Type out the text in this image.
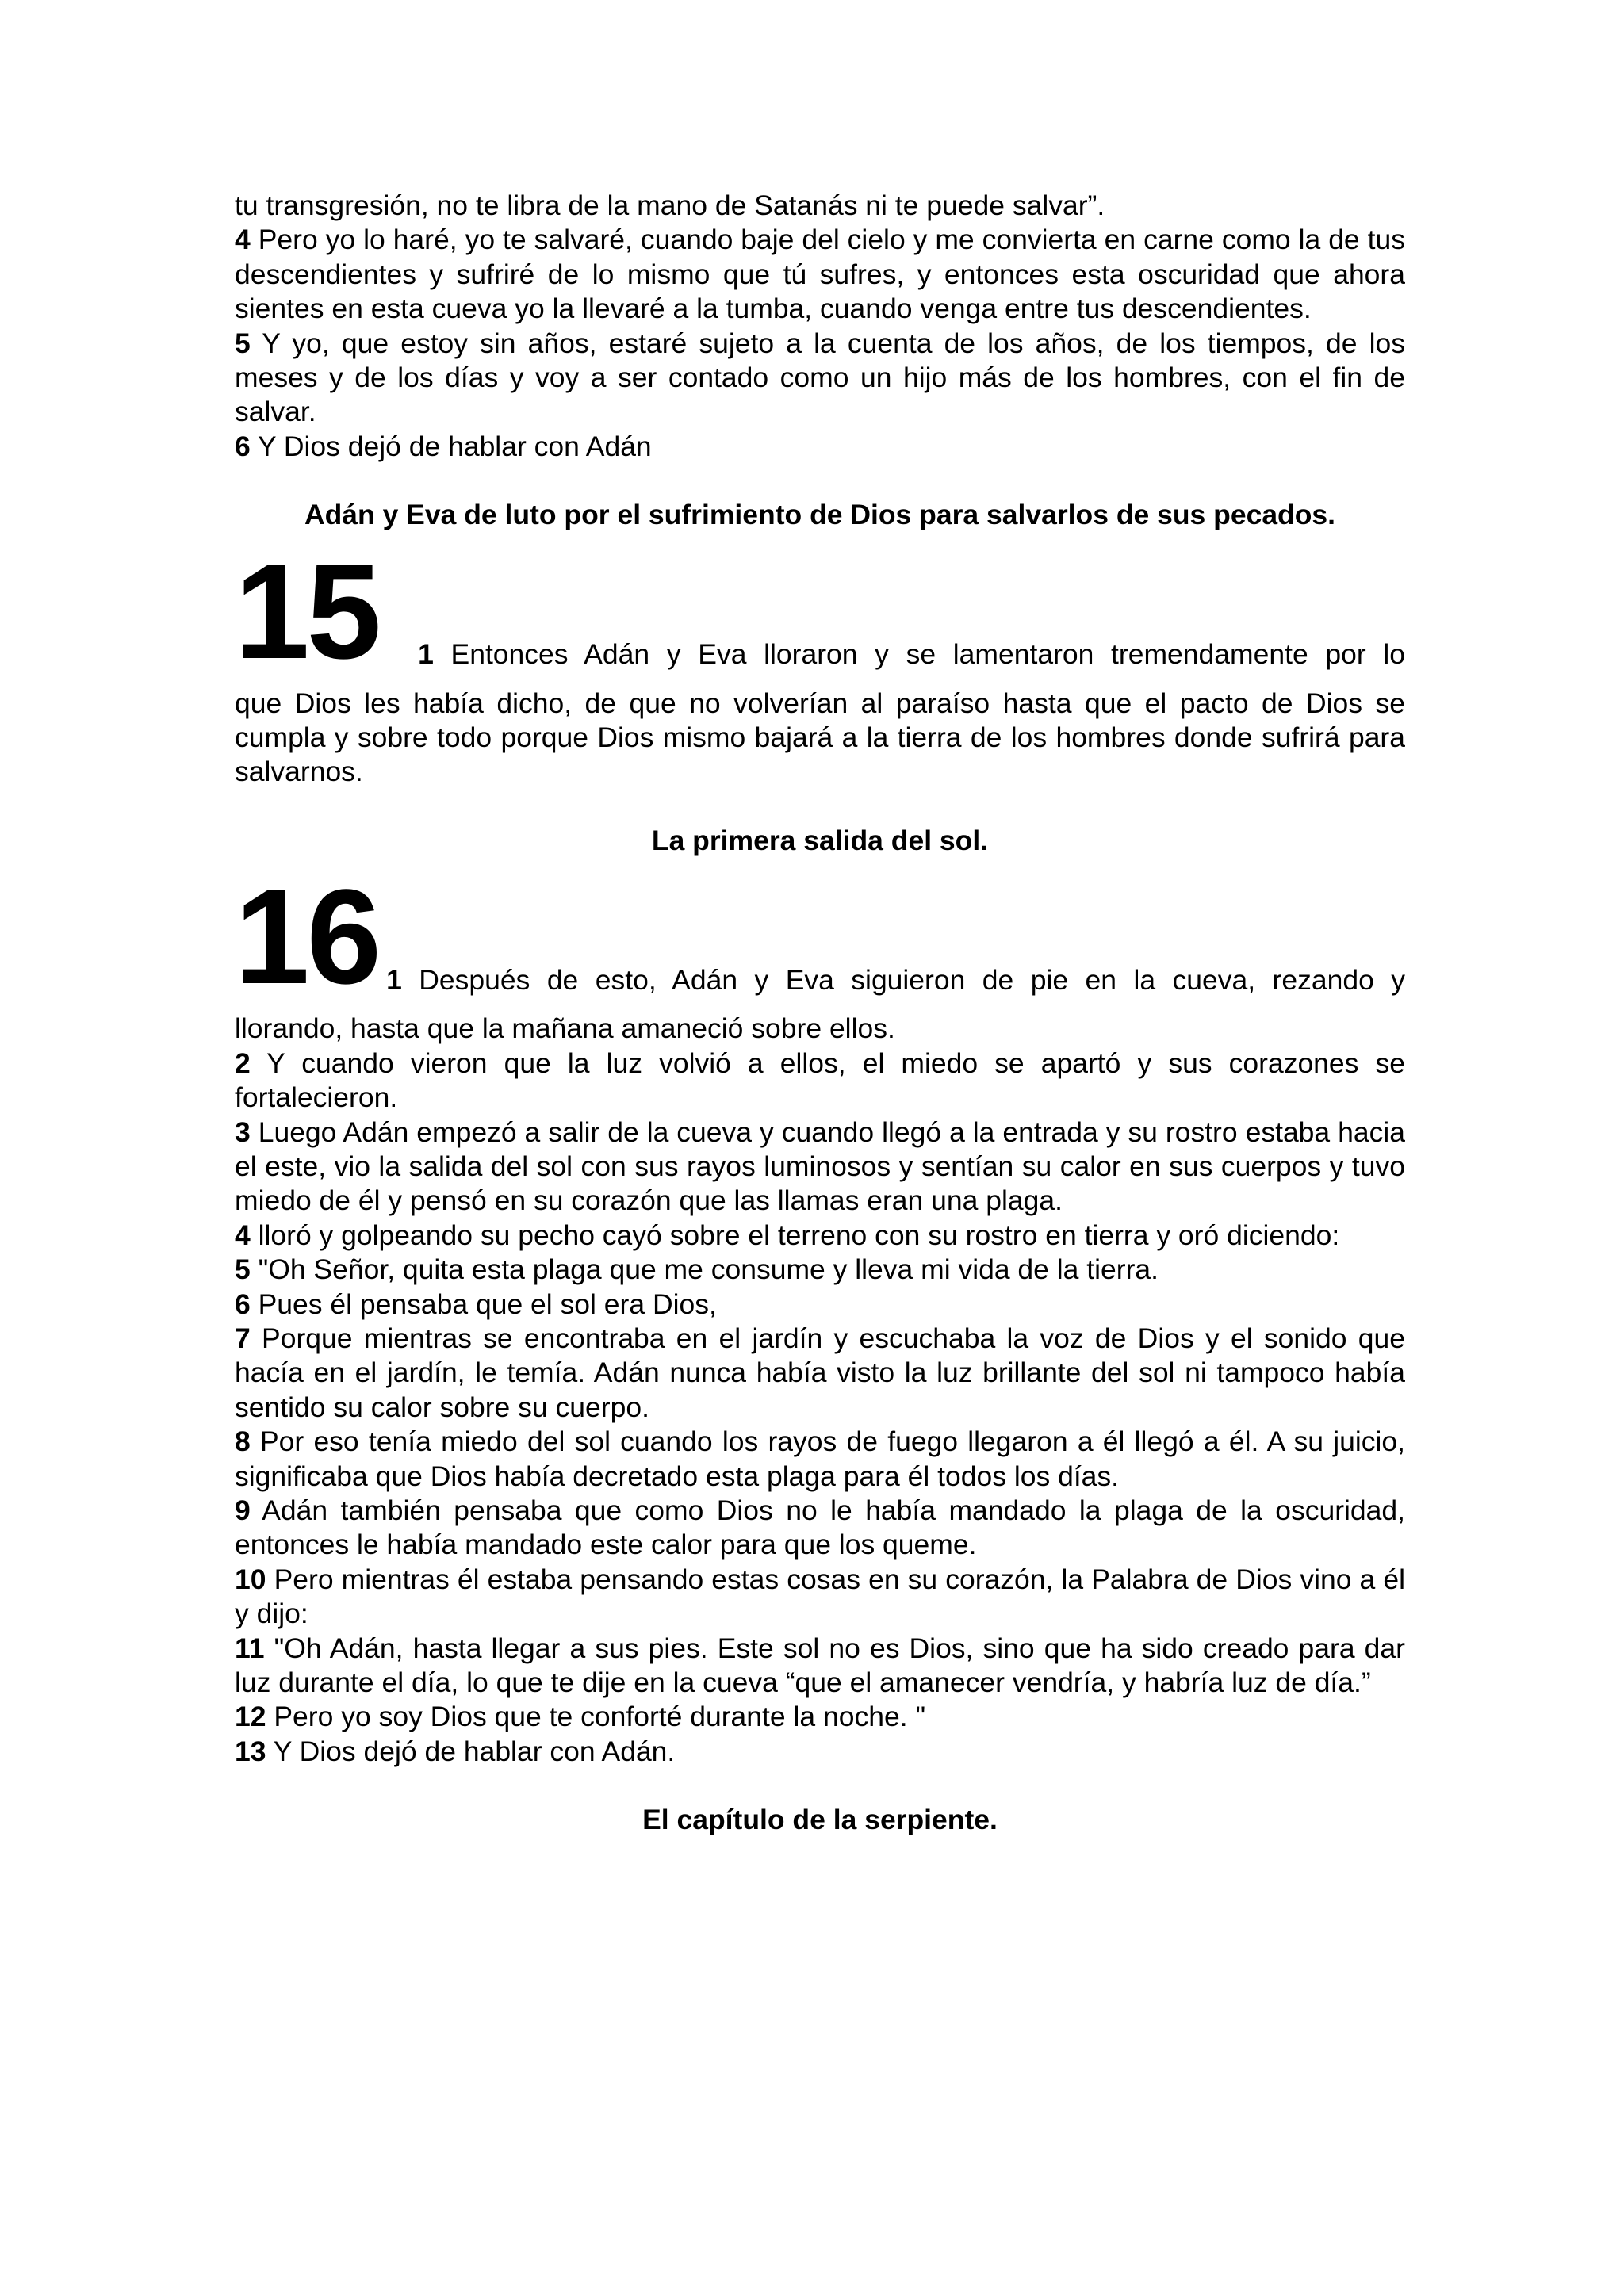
tu transgresión, no te libra de la mano de Satanás ni te puede salvar”.

4 Pero yo lo haré, yo te salvaré, cuando baje del cielo y me convierta en carne como la de tus descendientes y sufriré de lo mismo que tú sufres, y entonces esta oscuridad que ahora sientes en esta cueva yo la llevaré a la tumba, cuando venga entre tus descendientes.

5 Y yo, que estoy sin años, estaré sujeto a la cuenta de los años, de los tiempos, de los meses y de los días y voy a ser contado como un hijo más de los hombres, con el fin de salvar.

6 Y Dios dejó de hablar con Adán

Adán y Eva de luto por el sufrimiento de Dios para salvarlos de sus pecados.

15 1 Entonces Adán y Eva lloraron y se lamentaron tremendamente por lo

que Dios les había dicho, de que no volverían al paraíso hasta que el pacto de Dios se cumpla y sobre todo porque Dios mismo bajará a la tierra de los hombres donde sufrirá para salvarnos.

La primera salida del sol.

16 1 Después de esto, Adán y Eva siguieron de pie en la cueva, rezando y

llorando, hasta que la mañana amaneció sobre ellos.

2 Y cuando vieron que la luz volvió a ellos, el miedo se apartó y sus corazones se fortalecieron.

3 Luego Adán empezó a salir de la cueva y cuando llegó a la entrada y su rostro estaba hacia el este, vio la salida del sol con sus rayos luminosos y sentían su calor en sus cuerpos y tuvo miedo de él y pensó en su corazón que las llamas eran una plaga.

4 lloró y golpeando su pecho cayó sobre el terreno con su rostro en tierra y oró diciendo:

5 "Oh Señor, quita esta plaga que me consume y lleva mi vida de la tierra.

6 Pues él pensaba que el sol era Dios,

7 Porque mientras se encontraba en el jardín y escuchaba la voz de Dios y el sonido que hacía en el jardín, le temía. Adán nunca había visto la luz brillante del sol ni tampoco había sentido su calor sobre su cuerpo.

8 Por eso tenía miedo del sol cuando los rayos de fuego llegaron a él llegó a él. A su juicio, significaba que Dios había decretado esta plaga para él todos los días.

9 Adán también pensaba que como Dios no le había mandado la plaga de la oscuridad, entonces le había mandado este calor para que los queme.

10 Pero mientras él estaba pensando estas cosas en su corazón, la Palabra de Dios vino a él y dijo:

11 "Oh Adán, hasta llegar a sus pies. Este sol no es Dios, sino que ha sido creado para dar luz durante el día, lo que te dije en la cueva “que el amanecer vendría, y habría luz de día.”

12 Pero yo soy Dios que te conforté durante la noche. "

13 Y Dios dejó de hablar con Adán.

El capítulo de la serpiente.
